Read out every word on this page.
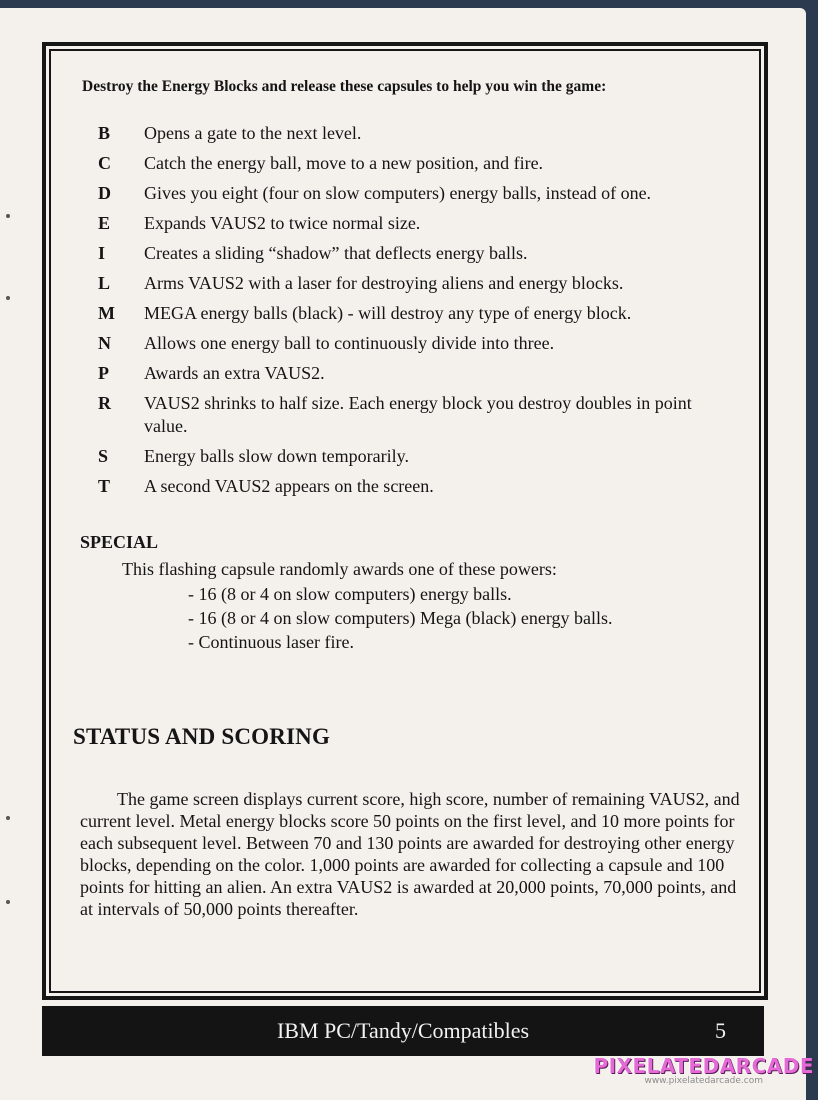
Destroy the Energy Blocks and release these capsules to help you win the game:
B	Opens a gate to the next level.
C	Catch the energy ball, move to a new position, and fire.
D	Gives you eight (four on slow computers) energy balls, instead of one.
E	Expands VAUS2 to twice normal size.
I	Creates a sliding “shadow” that deflects energy balls.
L	Arms VAUS2 with a laser for destroying aliens and energy blocks.
M	MEGA energy balls (black) - will destroy any type of energy block.
N	Allows one energy ball to continuously divide into three.
P	Awards an extra VAUS2.
R	VAUS2 shrinks to half size. Each energy block you destroy doubles in point value.
S	Energy balls slow down temporarily.
T	A second VAUS2 appears on the screen.
SPECIAL
This flashing capsule randomly awards one of these powers:
- 16 (8 or 4 on slow computers) energy balls.
- 16 (8 or 4 on slow computers) Mega (black) energy balls.
- Continuous laser fire.
STATUS AND SCORING
The game screen displays current score, high score, number of remaining VAUS2, and current level. Metal energy blocks score 50 points on the first level, and 10 more points for each subsequent level. Between 70 and 130 points are awarded for destroying other energy blocks, depending on the color. 1,000 points are awarded for collecting a capsule and 100 points for hitting an alien. An extra VAUS2 is awarded at 20,000 points, 70,000 points, and at intervals of 50,000 points thereafter.
IBM PC/Tandy/Compatibles	5
PIXELATEDARCADE
www.pixelatedarcade.com
